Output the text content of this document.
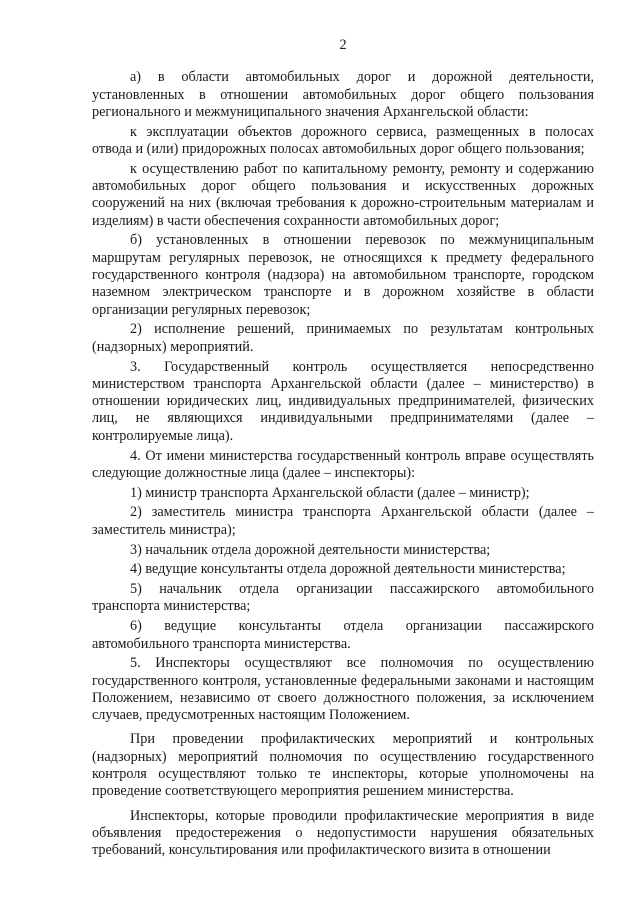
2

а) в области автомобильных дорог и дорожной деятельности, установленных в отношении автомобильных дорог общего пользования регионального и межмуниципального значения Архангельской области:

к эксплуатации объектов дорожного сервиса, размещенных в полосах отвода и (или) придорожных полосах автомобильных дорог общего пользования;

к осуществлению работ по капитальному ремонту, ремонту и содержанию автомобильных дорог общего пользования и искусственных дорожных сооружений на них (включая требования к дорожно-строительным материалам и изделиям) в части обеспечения сохранности автомобильных дорог;

б) установленных в отношении перевозок по межмуниципальным маршрутам регулярных перевозок, не относящихся к предмету федерального государственного контроля (надзора) на автомобильном транспорте, городском наземном электрическом транспорте и в дорожном хозяйстве в области организации регулярных перевозок;

2) исполнение решений, принимаемых по результатам контрольных (надзорных) мероприятий.

3. Государственный контроль осуществляется непосредственно министерством транспорта Архангельской области (далее – министерство) в отношении юридических лиц, индивидуальных предпринимателей, физических лиц, не являющихся индивидуальными предпринимателями (далее – контролируемые лица).

4. От имени министерства государственный контроль вправе осуществлять следующие должностные лица (далее – инспекторы):

1) министр транспорта Архангельской области (далее – министр);

2) заместитель министра транспорта Архангельской области (далее – заместитель министра);

3) начальник отдела дорожной деятельности министерства;

4) ведущие консультанты отдела дорожной деятельности министерства;

5) начальник отдела организации пассажирского автомобильного транспорта министерства;

6) ведущие консультанты отдела организации пассажирского автомобильного транспорта министерства.

5. Инспекторы осуществляют все полномочия по осуществлению государственного контроля, установленные федеральными законами и настоящим Положением, независимо от своего должностного положения, за исключением случаев, предусмотренных настоящим Положением.

При проведении профилактических мероприятий и контрольных (надзорных) мероприятий полномочия по осуществлению государственного контроля осуществляют только те инспекторы, которые уполномочены на проведение соответствующего мероприятия решением министерства.

Инспекторы, которые проводили профилактические мероприятия в виде объявления предостережения о недопустимости нарушения обязательных требований, консультирования или профилактического визита в отношении
